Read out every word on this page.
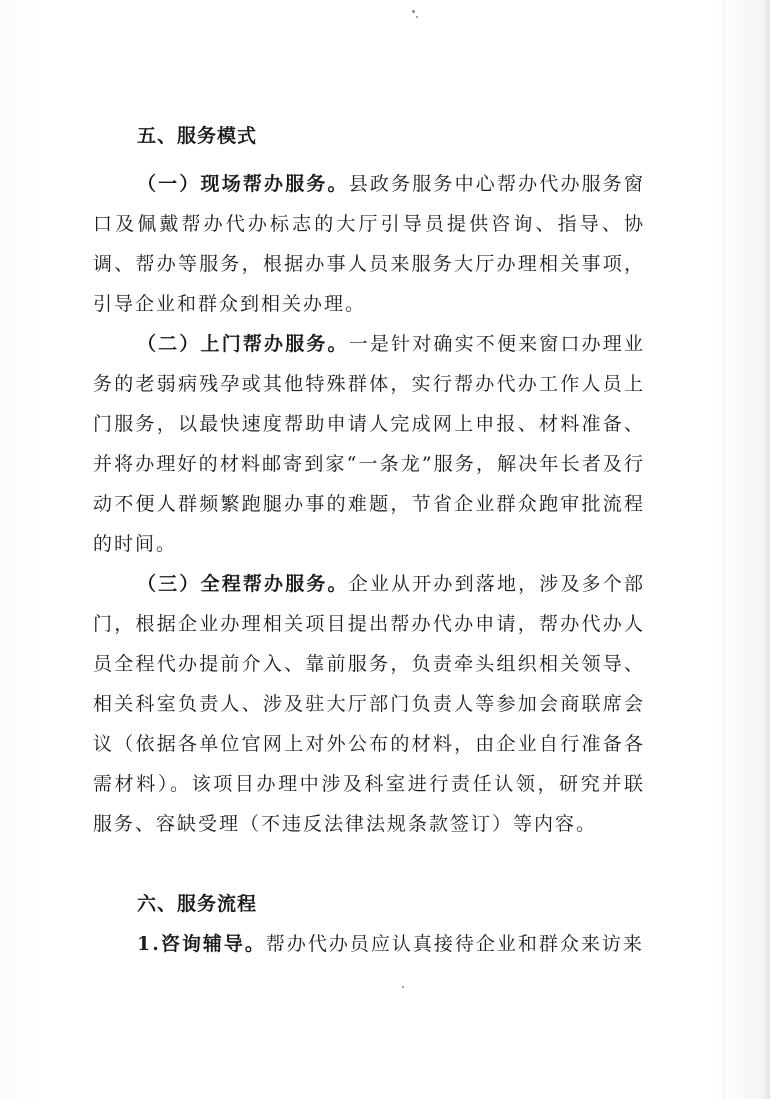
五、服务模式

（一）现场帮办服务。县政务服务中心帮办代办服务窗口及佩戴帮办代办标志的大厅引导员提供咨询、指导、协调、帮办等服务，根据办事人员来服务大厅办理相关事项，引导企业和群众到相关办理。

（二）上门帮办服务。一是针对确实不便来窗口办理业务的老弱病残孕或其他特殊群体，实行帮办代办工作人员上门服务，以最快速度帮助申请人完成网上申报、材料准备、并将办理好的材料邮寄到家“一条龙”服务，解决年长者及行动不便人群频繁跑腿办事的难题，节省企业群众跑审批流程的时间。

（三）全程帮办服务。企业从开办到落地，涉及多个部门，根据企业办理相关项目提出帮办代办申请，帮办代办人员全程代办提前介入、靠前服务，负责牵头组织相关领导、相关科室负责人、涉及驻大厅部门负责人等参加会商联席会议（依据各单位官网上对外公布的材料，由企业自行准备各需材料）。该项目办理中涉及科室进行责任认领，研究并联服务、容缺受理（不违反法律法规条款签订）等内容。

六、服务流程

1.咨询辅导。帮办代办员应认真接待企业和群众来访来
